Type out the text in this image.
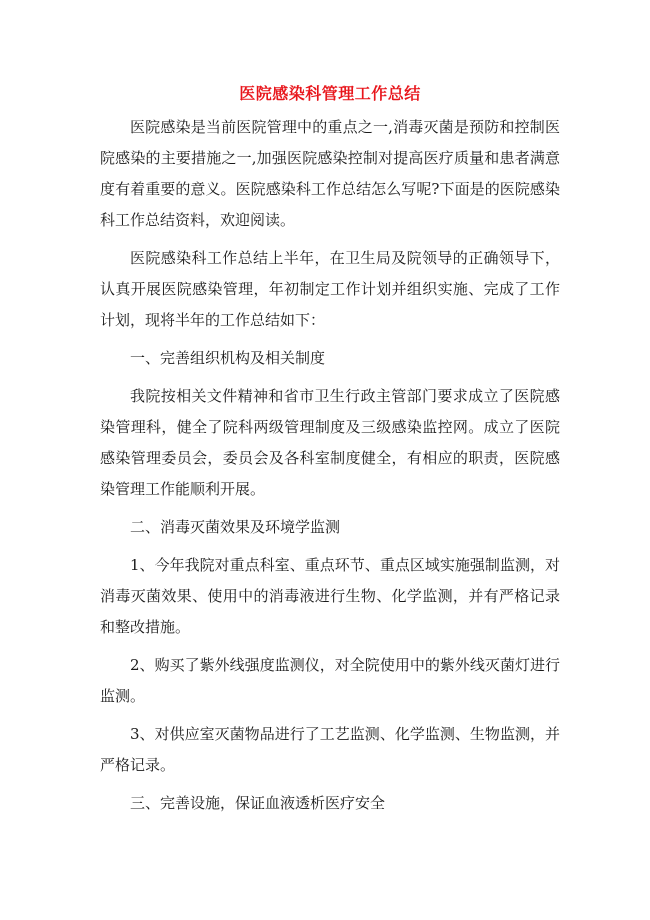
医院感染科管理工作总结

医院感染是当前医院管理中的重点之一,消毒灭菌是预防和控制医院感染的主要措施之一,加强医院感染控制对提高医疗质量和患者满意度有着重要的意义。医院感染科工作总结怎么写呢?下面是的医院感染科工作总结资料，欢迎阅读。

医院感染科工作总结上半年，在卫生局及院领导的正确领导下，认真开展医院感染管理，年初制定工作计划并组织实施、完成了工作计划，现将半年的工作总结如下：

一、完善组织机构及相关制度

我院按相关文件精神和省市卫生行政主管部门要求成立了医院感染管理科，健全了院科两级管理制度及三级感染监控网。成立了医院感染管理委员会，委员会及各科室制度健全，有相应的职责，医院感染管理工作能顺利开展。

二、消毒灭菌效果及环境学监测

1、今年我院对重点科室、重点环节、重点区域实施强制监测，对消毒灭菌效果、使用中的消毒液进行生物、化学监测，并有严格记录和整改措施。

2、购买了紫外线强度监测仪，对全院使用中的紫外线灭菌灯进行监测。

3、对供应室灭菌物品进行了工艺监测、化学监测、生物监测，并严格记录。

三、完善设施，保证血液透析医疗安全
